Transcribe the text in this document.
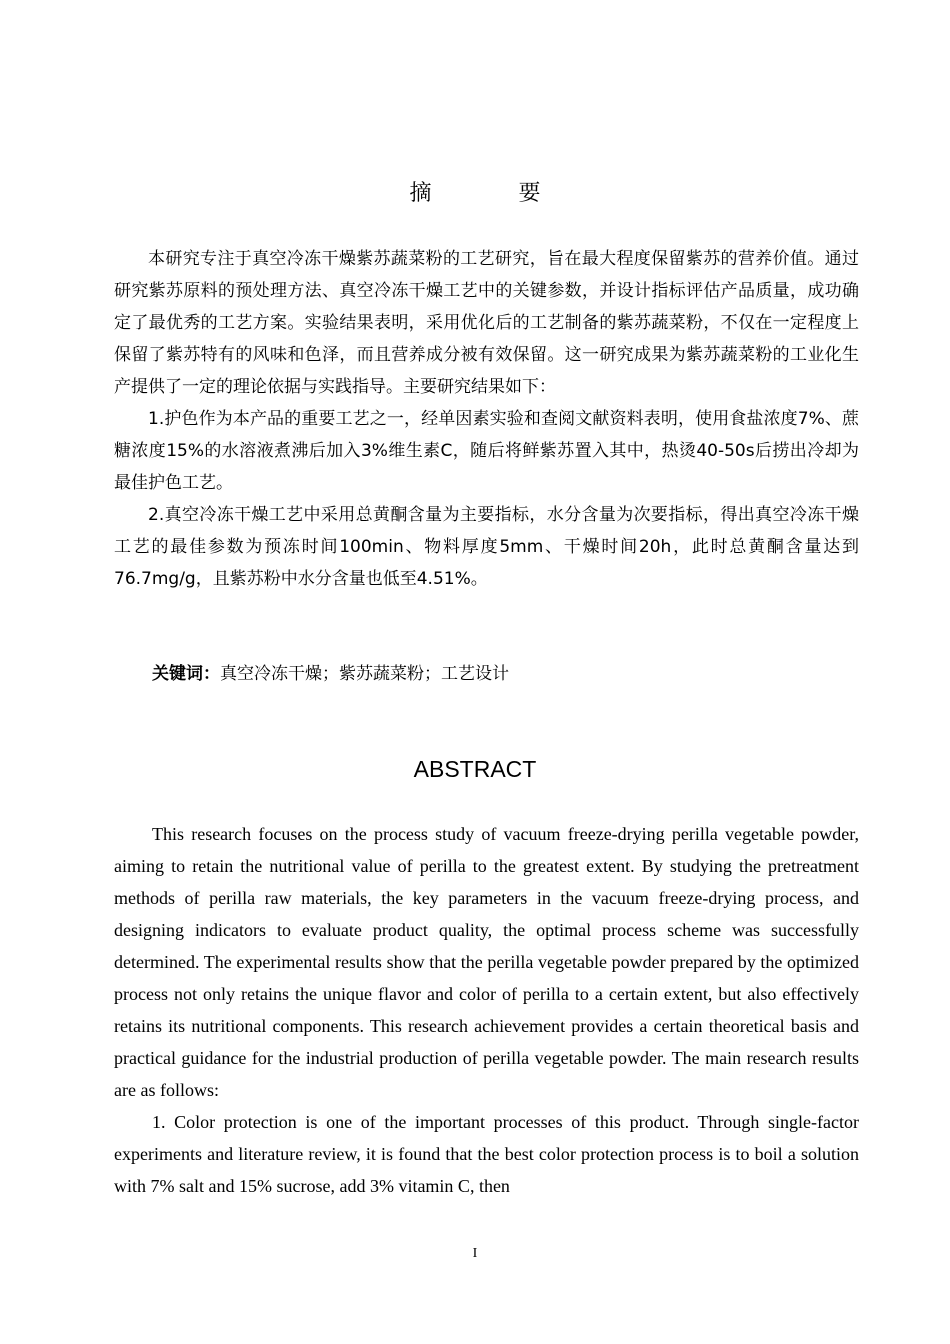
摘 要

本研究专注于真空冷冻干燥紫苏蔬菜粉的工艺研究，旨在最大程度保留紫苏的营养价值。通过研究紫苏原料的预处理方法、真空冷冻干燥工艺中的关键参数，并设计指标评估产品质量，成功确定了最优秀的工艺方案。实验结果表明，采用优化后的工艺制备的紫苏蔬菜粉，不仅在一定程度上保留了紫苏特有的风味和色泽，而且营养成分被有效保留。这一研究成果为紫苏蔬菜粉的工业化生产提供了一定的理论依据与实践指导。主要研究结果如下：

1.护色作为本产品的重要工艺之一，经单因素实验和查阅文献资料表明，使用食盐浓度7%、蔗糖浓度15%的水溶液煮沸后加入3%维生素C，随后将鲜紫苏置入其中，热烫40-50s后捞出冷却为最佳护色工艺。

2.真空冷冻干燥工艺中采用总黄酮含量为主要指标，水分含量为次要指标，得出真空冷冻干燥工艺的最佳参数为预冻时间100min、物料厚度5mm、干燥时间20h，此时总黄酮含量达到76.7mg/g，且紫苏粉中水分含量也低至4.51%。

关键词：真空冷冻干燥；紫苏蔬菜粉；工艺设计
ABSTRACT

This research focuses on the process study of vacuum freeze-drying perilla vegetable powder, aiming to retain the nutritional value of perilla to the greatest extent. By studying the pretreatment methods of perilla raw materials, the key parameters in the vacuum freeze-drying process, and designing indicators to evaluate product quality, the optimal process scheme was successfully determined. The experimental results show that the perilla vegetable powder prepared by the optimized process not only retains the unique flavor and color of perilla to a certain extent, but also effectively retains its nutritional components. This research achievement provides a certain theoretical basis and practical guidance for the industrial production of perilla vegetable powder. The main research results are as follows:

1. Color protection is one of the important processes of this product. Through single-factor experiments and literature review, it is found that the best color protection process is to boil a solution with 7% salt and 15% sucrose, add 3% vitamin C, then

I
